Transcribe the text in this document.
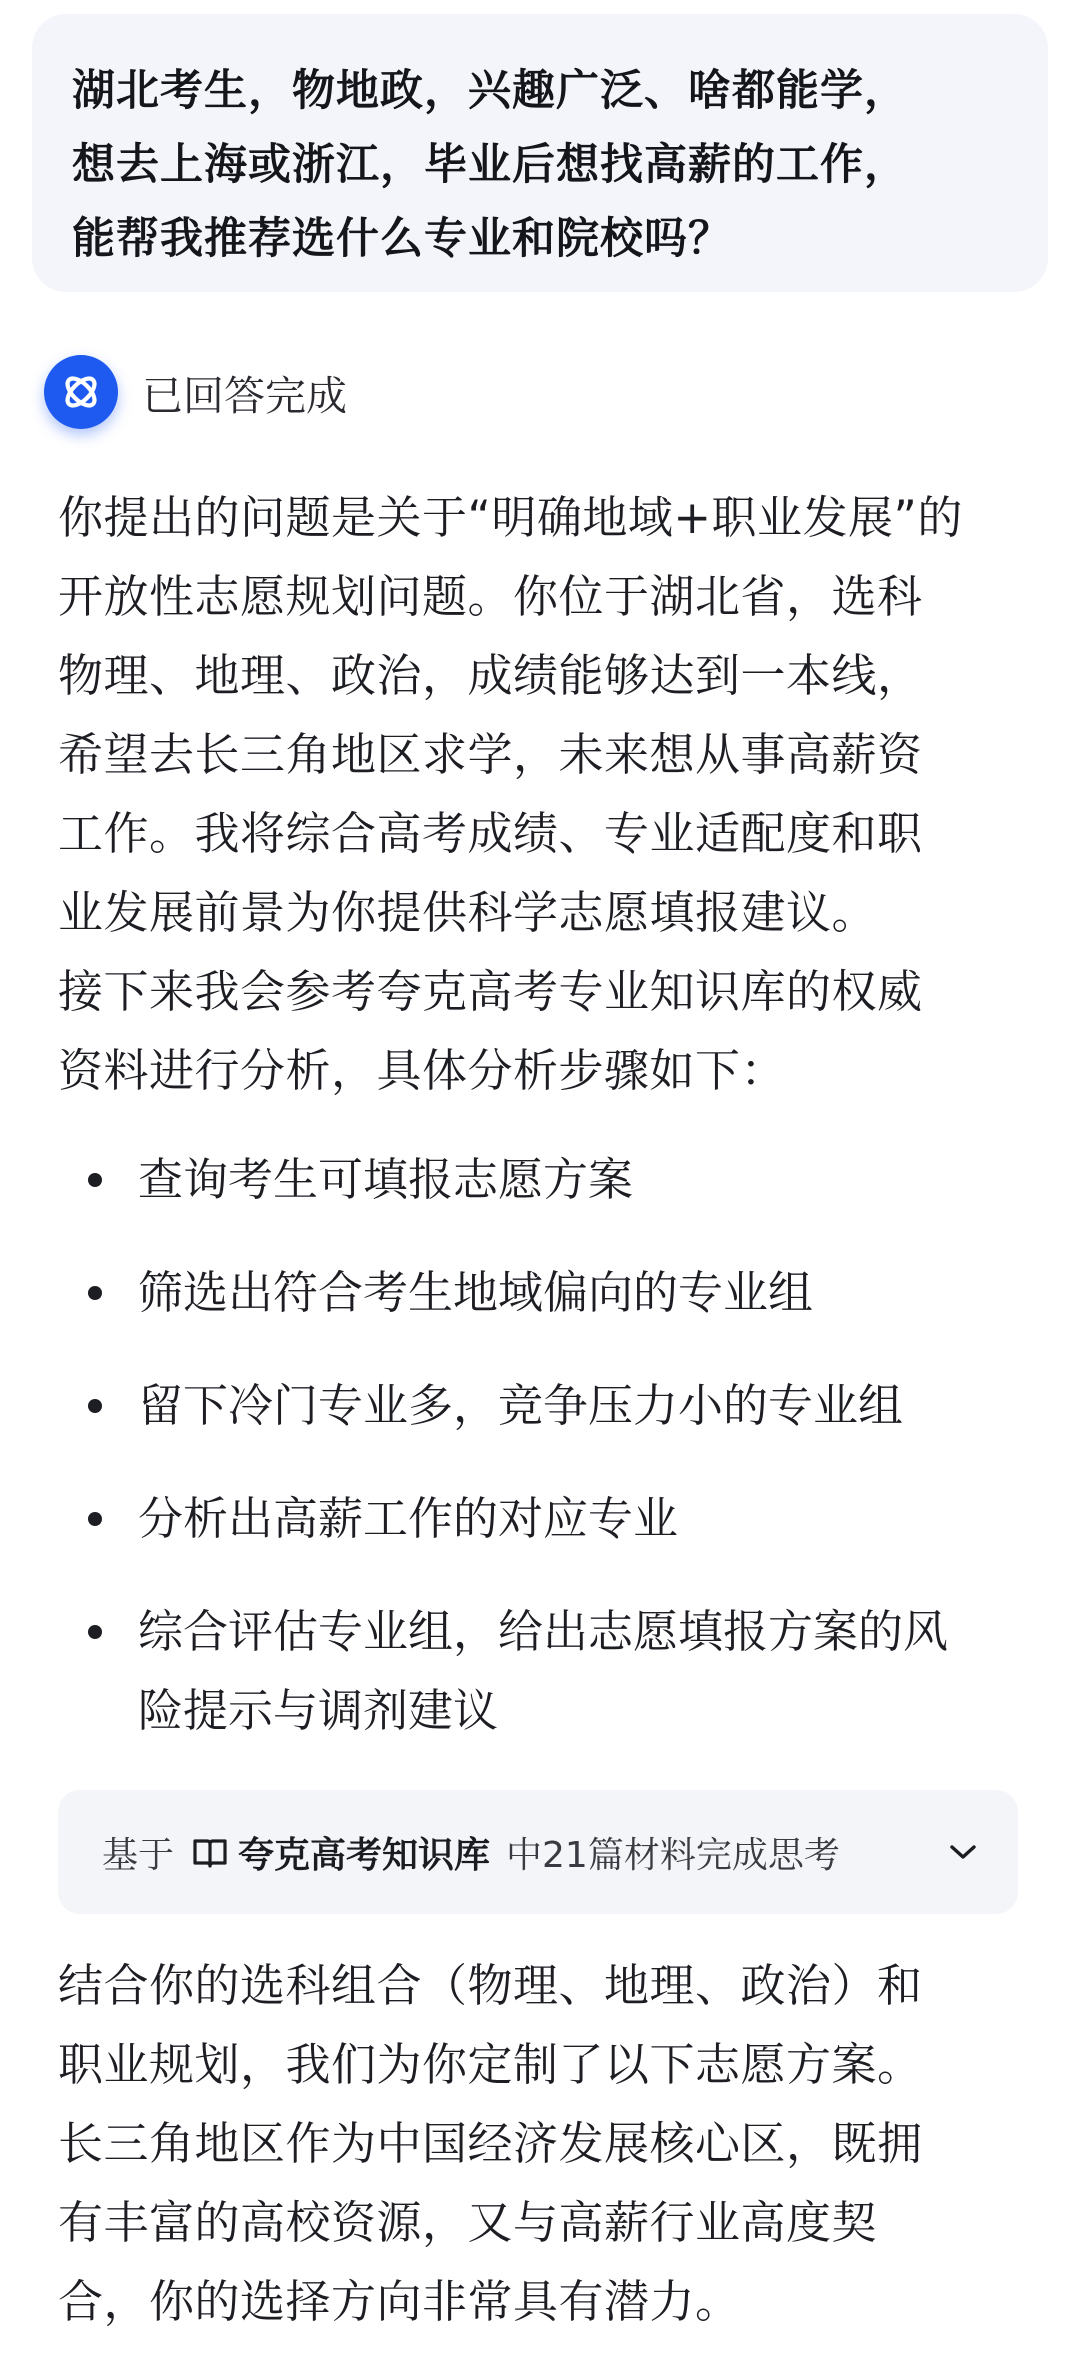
湖北考生，物地政，兴趣广泛、啥都能学，
想去上海或浙江，毕业后想找高薪的工作，
能帮我推荐选什么专业和院校吗？
已回答完成
你提出的问题是关于“明确地域+职业发展”的
开放性志愿规划问题。你位于湖北省，选科
物理、地理、政治，成绩能够达到一本线，
希望去长三角地区求学，未来想从事高薪资
工作。我将综合高考成绩、专业适配度和职
业发展前景为你提供科学志愿填报建议。
接下来我会参考夸克高考专业知识库的权威
资料进行分析，具体分析步骤如下：
查询考生可填报志愿方案
筛选出符合考生地域偏向的专业组
留下冷门专业多，竞争压力小的专业组
分析出高薪工作的对应专业
综合评估专业组，给出志愿填报方案的风
险提示与调剂建议
基于 夸克高考知识库 中21篇材料完成思考
结合你的选科组合（物理、地理、政治）和
职业规划，我们为你定制了以下志愿方案。
长三角地区作为中国经济发展核心区，既拥
有丰富的高校资源，又与高薪行业高度契
合，你的选择方向非常具有潜力。
